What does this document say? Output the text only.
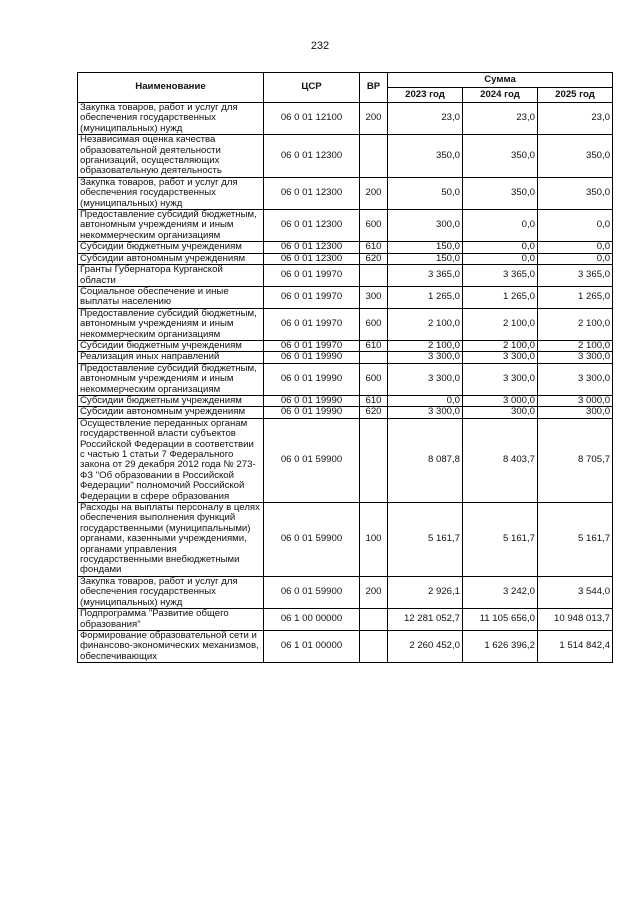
232
Наименование	ЦСР	ВР	Сумма		
			2023 год	2024 год	2025 год
Закупка товаров, работ и услуг для обеспечения государственных (муниципальных) нужд	06 0 01 12100	200	23,0	23,0	23,0
Независимая оценка качества образовательной деятельности организаций, осуществляющих образовательную деятельность	06 0 01 12300		350,0	350,0	350,0
Закупка товаров, работ и услуг для обеспечения государственных (муниципальных) нужд	06 0 01 12300	200	50,0	350,0	350,0
Предоставление субсидий бюджетным, автономным учреждениям и иным некоммерческим организациям	06 0 01 12300	600	300,0	0,0	0,0
Субсидии бюджетным учреждениям	06 0 01 12300	610	150,0	0,0	0,0
Субсидии автономным учреждениям	06 0 01 12300	620	150,0	0,0	0,0
Гранты Губернатора Курганской области	06 0 01 19970		3 365,0	3 365,0	3 365,0
Социальное обеспечение и иные выплаты населению	06 0 01 19970	300	1 265,0	1 265,0	1 265,0
Предоставление субсидий бюджетным, автономным учреждениям и иным некоммерческим организациям	06 0 01 19970	600	2 100,0	2 100,0	2 100,0
Субсидии бюджетным учреждениям	06 0 01 19970	610	2 100,0	2 100,0	2 100,0
Реализация иных направлений	06 0 01 19990		3 300,0	3 300,0	3 300,0
Предоставление субсидий бюджетным, автономным учреждениям и иным некоммерческим организациям	06 0 01 19990	600	3 300,0	3 300,0	3 300,0
Субсидии бюджетным учреждениям	06 0 01 19990	610	0,0	3 000,0	3 000,0
Субсидии автономным учреждениям	06 0 01 19990	620	3 300,0	300,0	300,0
Осуществление переданных органам государственной власти субъектов Российской Федерации в соответствии с частью 1 статьи 7 Федерального закона от 29 декабря 2012 года № 273-ФЗ "Об образовании в Российской Федерации" полномочий Российской Федерации в сфере образования	06 0 01 59900		8 087,8	8 403,7	8 705,7
Расходы на выплаты персоналу в целях обеспечения выполнения функций государственными (муниципальными) органами, казенными учреждениями, органами управления государственными внебюджетными фондами	06 0 01 59900	100	5 161,7	5 161,7	5 161,7
Закупка товаров, работ и услуг для обеспечения государственных (муниципальных) нужд	06 0 01 59900	200	2 926,1	3 242,0	3 544,0
Подпрограмма "Развитие общего образования"	06 1 00 00000		12 281 052,7	11 105 656,0	10 948 013,7
Формирование образовательной сети и финансово-экономических механизмов, обеспечивающих	06 1 01 00000		2 260 452,0	1 626 396,2	1 514 842,4
